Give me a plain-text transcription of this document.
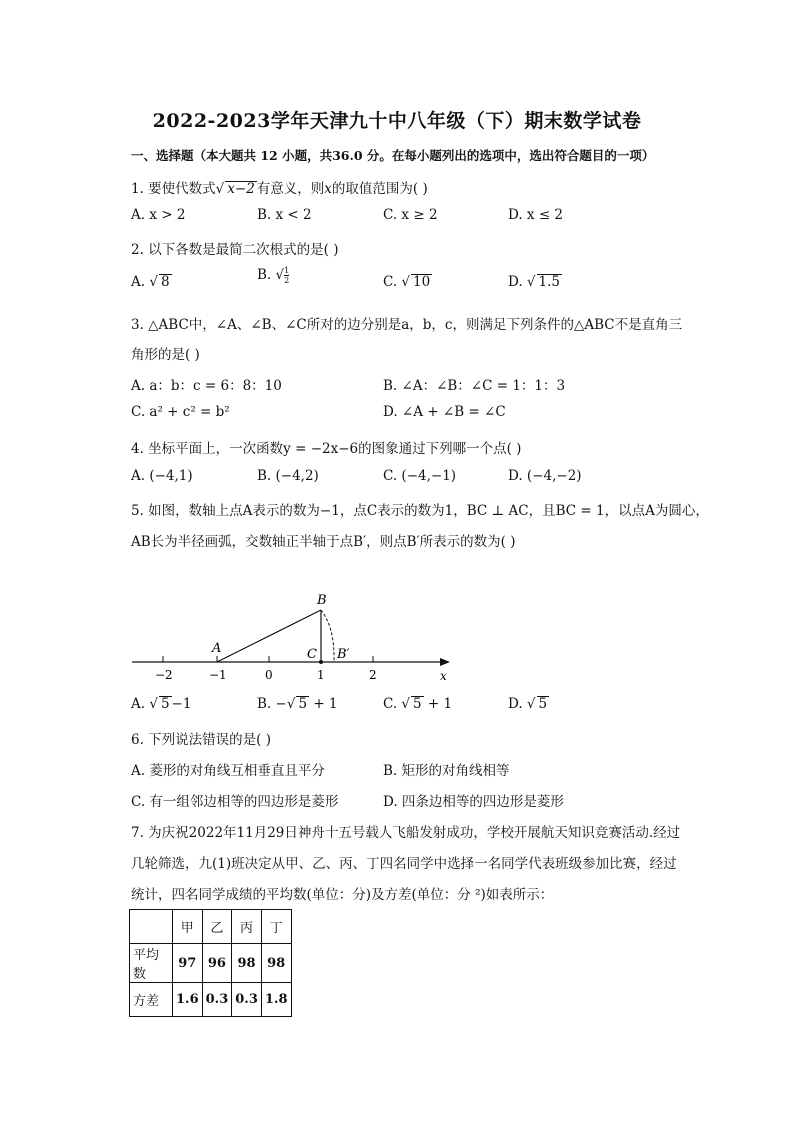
2022-2023学年天津九十中八年级（下）期末数学试卷
一、选择题（本大题共 12 小题，共36.0 分。在每小题列出的选项中，选出符合题目的一项）
1. 要使代数式√ x−2 有意义，则x的取值范围为( )
A. x > 2	B. x < 2	C. x ≥ 2	D. x ≤ 2
2. 以下各数是最简二次根式的是( )
A. √ 8	B. √ $\frac{1}{2}$	C. √ 10	D. √ 1.5
3. △ABC中，∠A、∠B、∠C所对的边分别是a，b，c，则满足下列条件的△ABC不是直角三
角形的是( )
A. a：b：c = 6：8：10	B. ∠A：∠B：∠C = 1：1：3
C. a² + c² = b²	D. ∠A + ∠B = ∠C
4. 坐标平面上，一次函数y = −2x−6的图象通过下列哪一个点( )
A. (−4,1)	B. (−4,2)	C. (−4,−1)	D. (−4,−2)
5. 如图，数轴上点A表示的数为−1，点C表示的数为1，BC ⊥ AC，且BC = 1，以点A为圆心，
AB长为半径画弧，交数轴正半轴于点B′，则点B′所表示的数为( )
−2	−1	0	1	2	x
A
B
C B′
A. √ 5 −1	B. −√ 5 + 1	C. √ 5 + 1	D. √ 5
6. 下列说法错误的是( )
A. 菱形的对角线互相垂直且平分	B. 矩形的对角线相等
C. 有一组邻边相等的四边形是菱形	D. 四条边相等的四边形是菱形
7. 为庆祝2022年11月29日神舟十五号载人飞船发射成功，学校开展航天知识竞赛活动.经过
几轮筛选，九(1)班决定从甲、乙、丙、丁四名同学中选择一名同学代表班级参加比赛，经过
统计，四名同学成绩的平均数(单位：分)及方差(单位：分 ²)如表所示：
	甲	乙	丙	丁
平均数	97	96	98	98
方差	1.6	0.3	0.3	1.8
